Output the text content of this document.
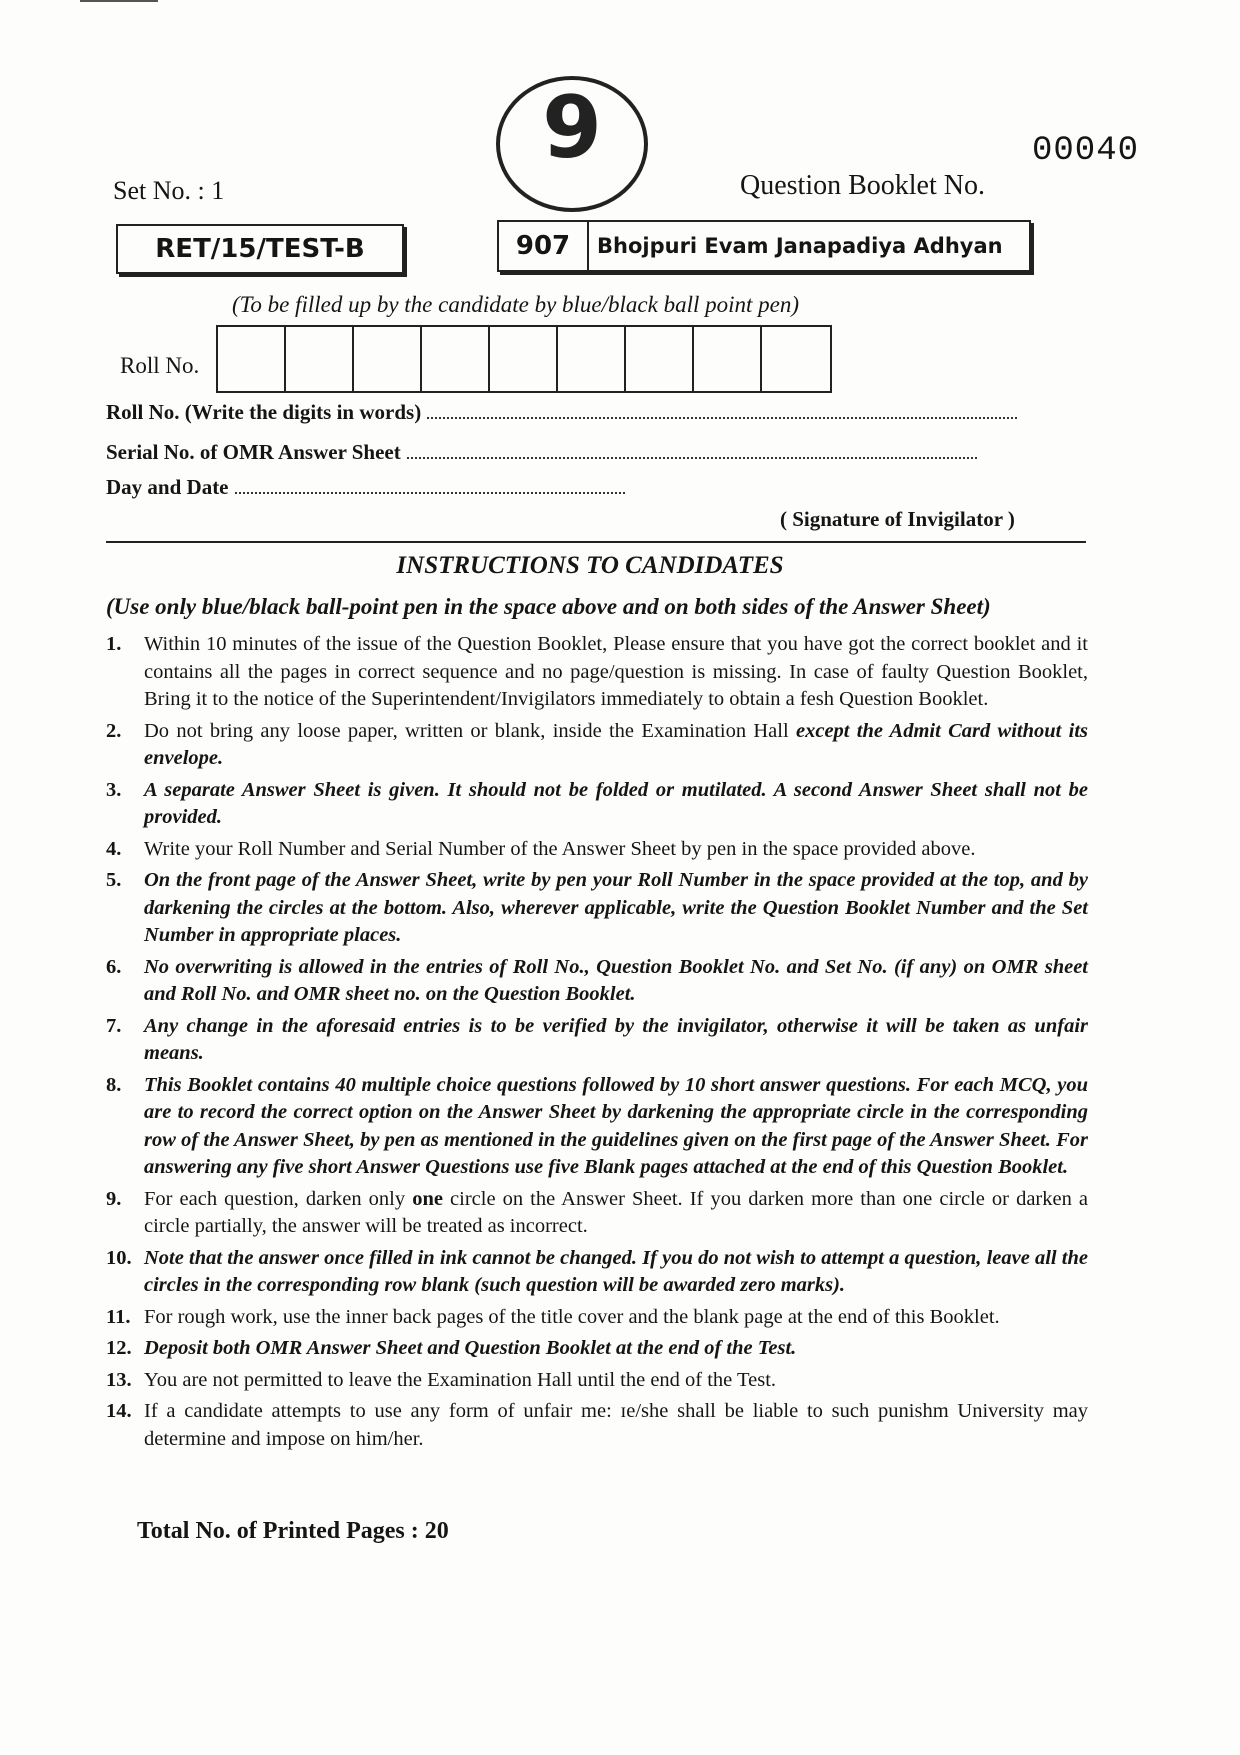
Set No. : 1
9	00040
Question Booklet No.
RET/15/TEST-B	907	Bhojpuri Evam Janapadiya Adhyan
(To be filled up by the candidate by blue/black ball point pen)
Roll No.
Roll No. (Write the digits in words)
Serial No. of OMR Answer Sheet
Day and Date
( Signature of Invigilator )
INSTRUCTIONS TO CANDIDATES
(Use only blue/black ball-point pen in the space above and on both sides of the Answer Sheet)
1.	Within 10 minutes of the issue of the Question Booklet, Please ensure that you have got the correct booklet and it contains all the pages in correct sequence and no page/question is missing. In case of faulty Question Booklet, Bring it to the notice of the Superintendent/Invigilators immediately to obtain a fesh Question Booklet.
2.	Do not bring any loose paper, written or blank, inside the Examination Hall except the Admit Card without its envelope.
3.	A separate Answer Sheet is given. It should not be folded or mutilated. A second Answer Sheet shall not be provided.
4.	Write your Roll Number and Serial Number of the Answer Sheet by pen in the space provided above.
5.	On the front page of the Answer Sheet, write by pen your Roll Number in the space provided at the top, and by darkening the circles at the bottom. Also, wherever applicable, write the Question Booklet Number and the Set Number in appropriate places.
6.	No overwriting is allowed in the entries of Roll No., Question Booklet No. and Set No. (if any) on OMR sheet and Roll No. and OMR sheet no. on the Question Booklet.
7.	Any change in the aforesaid entries is to be verified by the invigilator, otherwise it will be taken as unfair means.
8.	This Booklet contains 40 multiple choice questions followed by 10 short answer questions. For each MCQ, you are to record the correct option on the Answer Sheet by darkening the appropriate circle in the corresponding row of the Answer Sheet, by pen as mentioned in the guidelines given on the first page of the Answer Sheet. For answering any five short Answer Questions use five Blank pages attached at the end of this Question Booklet.
9.	For each question, darken only one circle on the Answer Sheet. If you darken more than one circle or darken a circle partially, the answer will be treated as incorrect.
10. Note that the answer once filled in ink cannot be changed. If you do not wish to attempt a question, leave all the circles in the corresponding row blank (such question will be awarded zero marks).
11. For rough work, use the inner back pages of the title cover and the blank page at the end of this Booklet.
12. Deposit both OMR Answer Sheet and Question Booklet at the end of the Test.
13. You are not permitted to leave the Examination Hall until the end of the Test.
14. If a candidate attempts to use any form of unfair me: ɪe/she shall be liable to such punishm University may determine and impose on him/her.
Total No. of Printed Pages : 20
